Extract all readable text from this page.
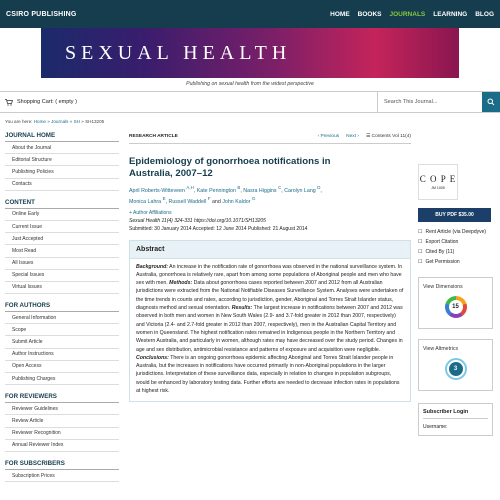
CSIRO PUBLISHING	HOME BOOKS JOURNALS LEARNING BLOG
SEXUAL HEALTH
Publishing on sexual health from the widest perspective
Shopping Cart: ( empty )	Search This Journal...
You are here: Home » Journals » SH » SH13205
JOURNAL HOME
About the Journal
Editorial Structure
Publishing Policies
Contacts
CONTENT
Online Early
Current Issue
Just Accepted
Most Read
All Issues
Special Issues
Virtual Issues
FOR AUTHORS
General Information
Scope
Submit Article
Author Instructions
Open Access
Publishing Charges
FOR REVIEWERS
Reviewer Guidelines
Review Article
Reviewer Recognition
Annual Reviewer Index
FOR SUBSCRIBERS
Subscription Prices
RESEARCH ARTICLE	‹ Previous Next › ☰ Contents Vol 11(4)
Epidemiology of gonorrhoea notifications in Australia, 2007–12
April Roberts-Witteveen $^{A,H}$, Kate Pennington $^B$, Nasra Higgins $^C$, Carolyn Lang $^D$, Monica Lahra $^E$, Russell Waddell $^F$ and John Kaldor $^G$
+ Author Affiliations
Sexual Health 11(4) 324-331 https://doi.org/10.1071/SH13205
Submitted: 30 January 2014 Accepted: 12 June 2014 Published: 21 August 2014
Abstract

Background: An increase in the notification rate of gonorrhoea was observed in the national surveillance system. In Australia, gonorrhoea is relatively rare, apart from among some populations of Aboriginal people and men who have sex with men. Methods: Data about gonorrhoea cases reported between 2007 and 2012 from all Australian jurisdictions were extracted from the National Notifiable Diseases Surveillance System. Analyses were undertaken of the time trends in counts and rates, according to jurisdiction, gender, Aboriginal and Torres Strait Islander status, diagnosis method and sexual orientation. Results: The largest increase in notifications between 2007 and 2012 was observed in both men and women in New South Wales (2.9- and 3.7-fold greater in 2012 than 2007, respectively) and Victoria (2.4- and 2.7-fold greater in 2012 than 2007, respectively), men in the Australian Capital Territory and women in Queensland. The highest notification rates remained in Indigenous people in the Northern Territory and Western Australia, and particularly in women, although rates may have decreased over the study period. Changes in age and sex distribution, antimicrobial resistance and patterns of exposure and acquisition were negligible. Conclusions: There is an ongoing gonorrhoea epidemic affecting Aboriginal and Torres Strait Islander people in Australia, but the increases in notifications have occurred primarily in non-Aboriginal populations in the larger jurisdictions. Interpretation of these surveillance data, especially in relation to changes in population subgroups, would be enhanced by laboratory testing data. Further efforts are needed to decrease infection rates in populations at highest risk.

C O P E
JM 1005
BUY PDF $35.00
☐ Rent Article (via Deepdyve)
☐ Export Citation
☐ Cited By (11)
☐ Get Permission
View Dimensions
15
View Altmetrics
3
Subscriber Login
Username:
